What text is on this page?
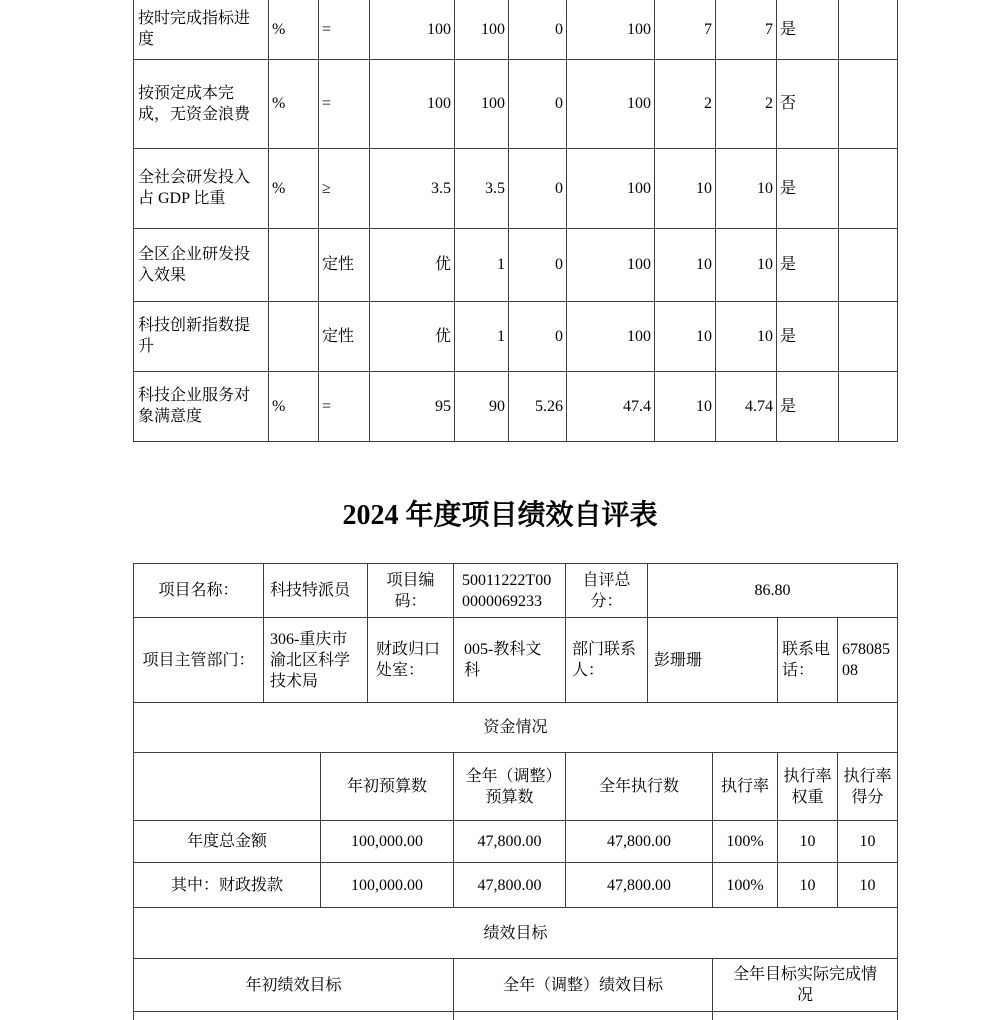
按时完成指标进度	%	=	100	100	0	100	7	7	是	
按预定成本完成，无资金浪费	%	=	100	100	0	100	2	2	否	
全社会研发投入占 GDP 比重	%	≥	3.5	3.5	0	100	10	10	是	
全区企业研发投入效果		定性	优	1	0	100	10	10	是	
科技创新指数提升		定性	优	1	0	100	10	10	是	
科技企业服务对象满意度	%	=	95	90	5.26	47.4	10	4.74	是	
2024 年度项目绩效自评表
项目名称：	科技特派员		项目编码：	50011222T000000069233	自评总分：	86.80			
项目主管部门：	306-重庆市渝北区科学技术局		财政归口处室：	005-教科文科	部门联系人：	彭珊珊		联系电话：	67808508
资金情况									
		年初预算数		全年（调整）预算数	全年执行数		执行率	执行率权重	执行率得分
年度总金额		100,000.00		47,800.00	47,800.00		100%	10	10
其中：财政拨款		100,000.00		47,800.00	47,800.00		100%	10	10
绩效目标									
年初绩效目标				全年（调整）绩效目标			全年目标实际完成情况		
